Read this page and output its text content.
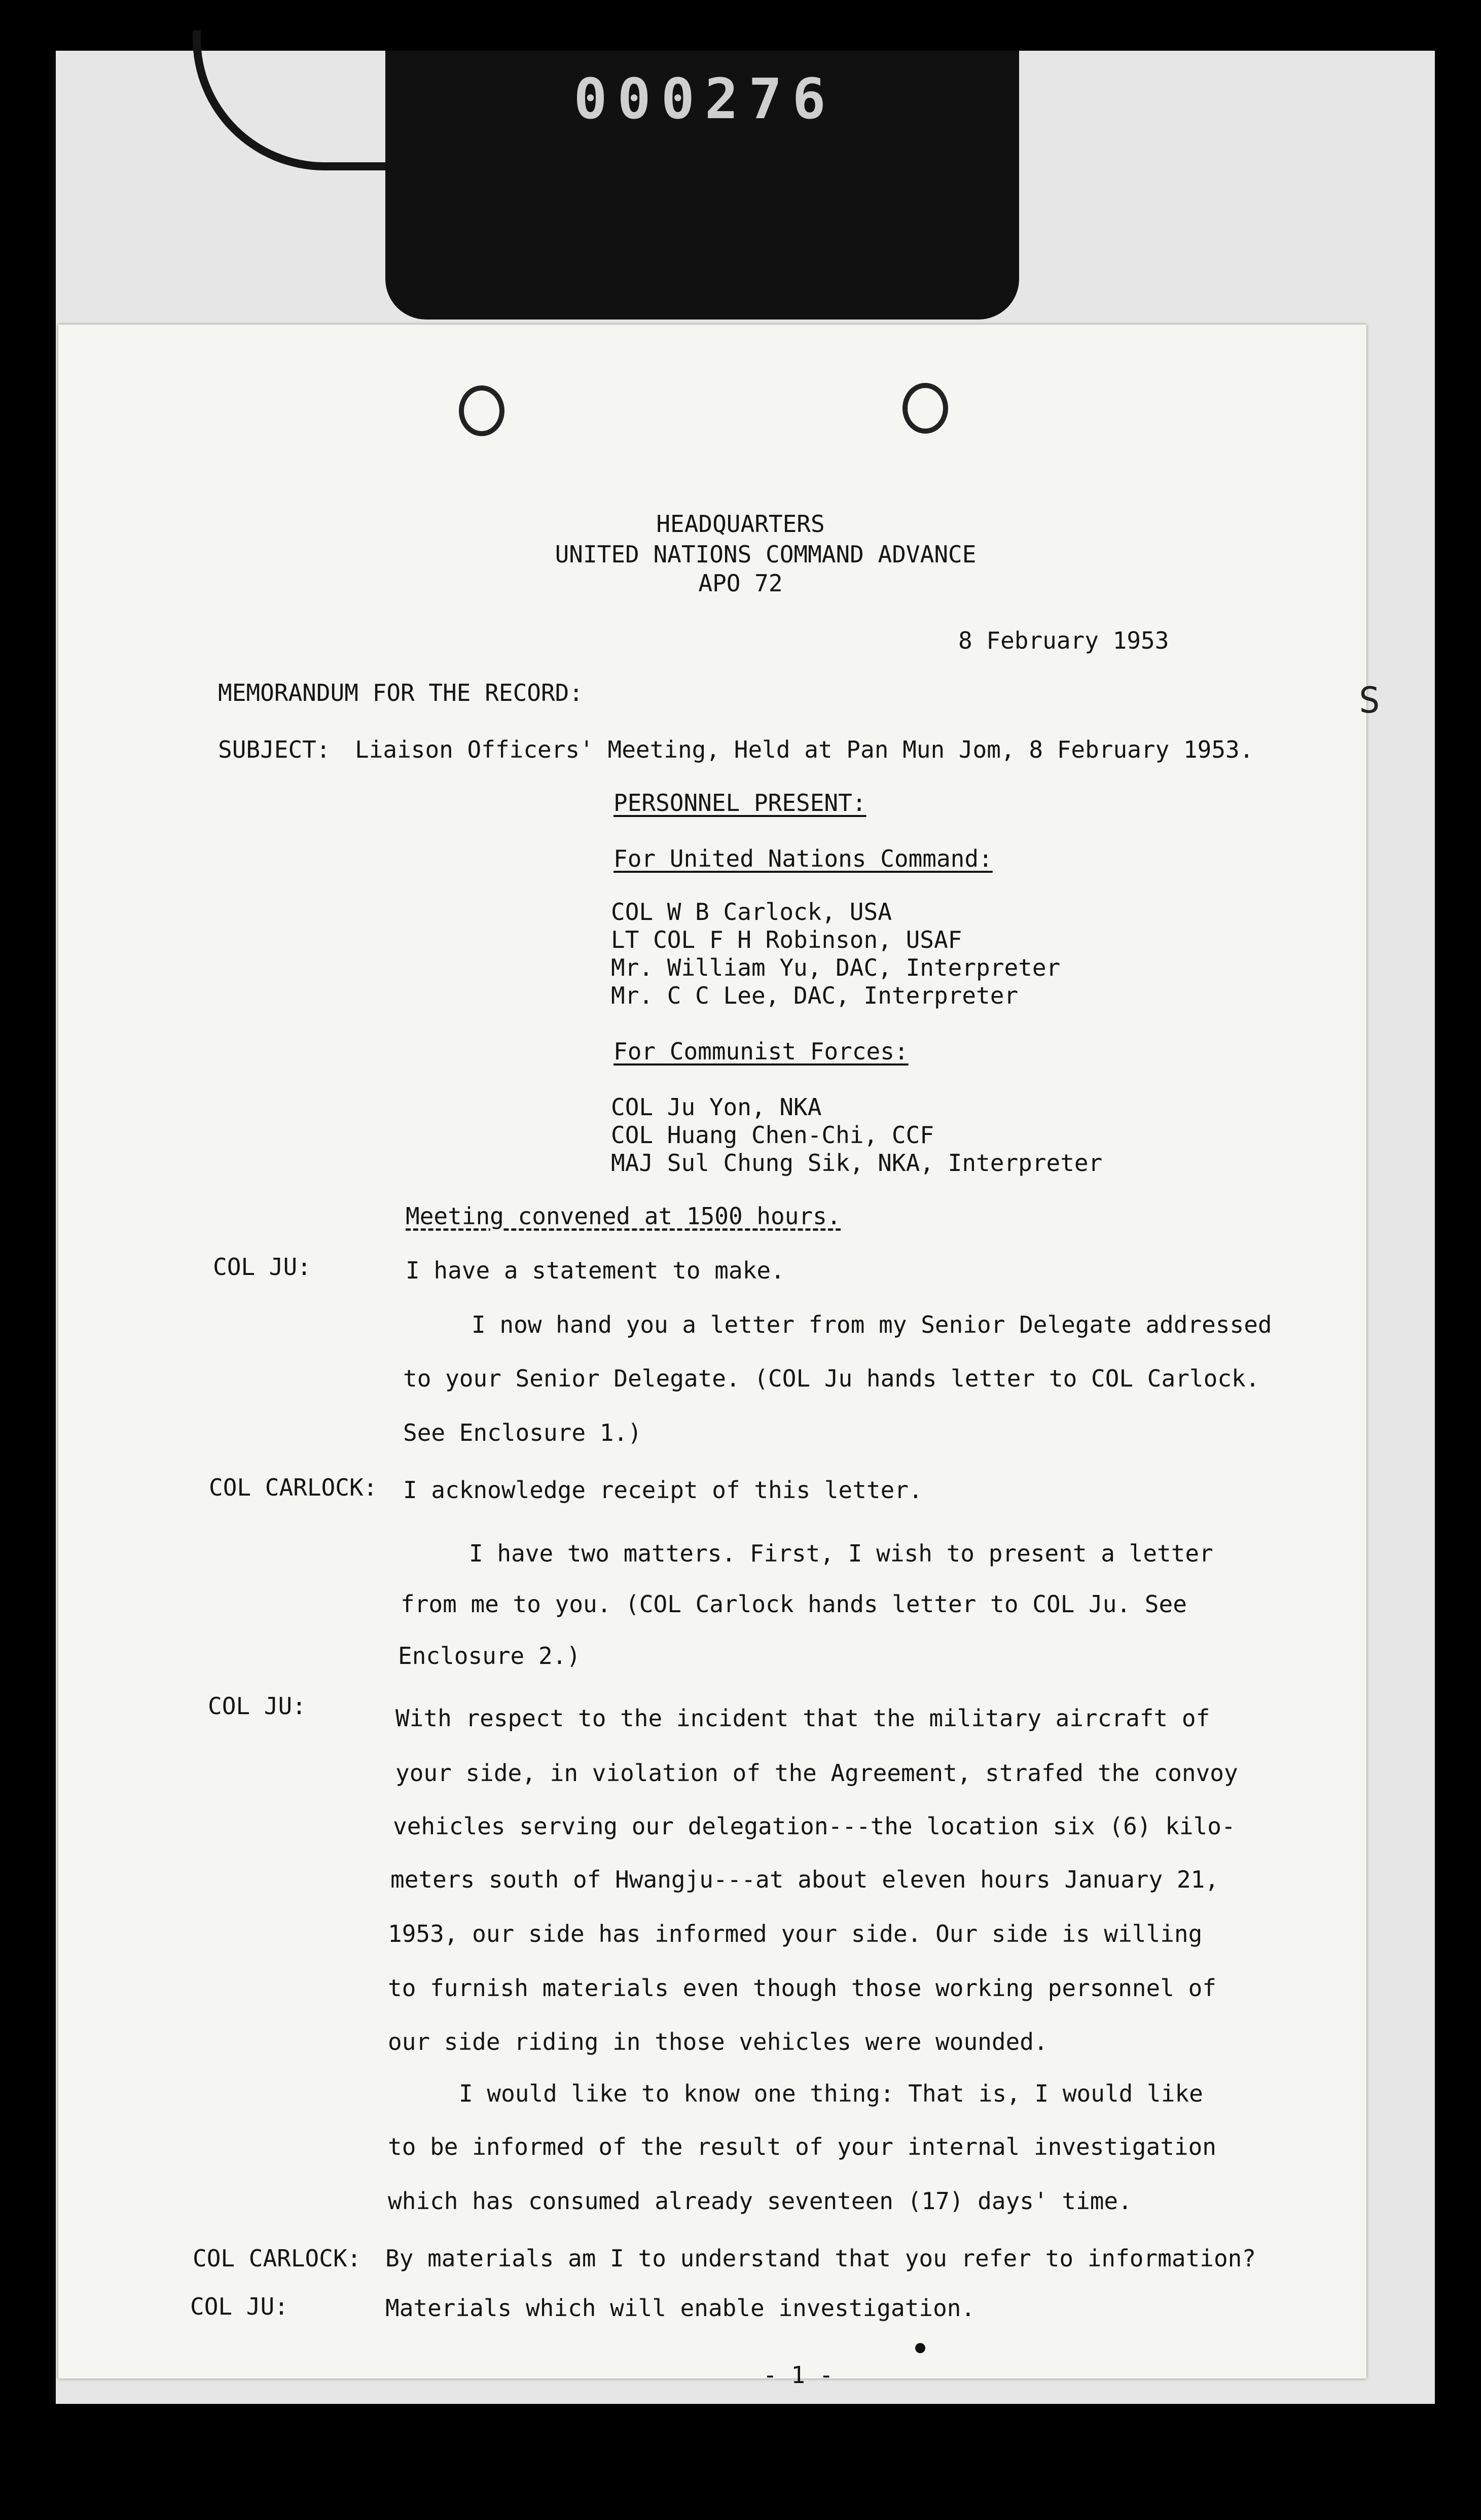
000276
S
HEADQUARTERS
UNITED NATIONS COMMAND ADVANCE
APO 72
8 February 1953
MEMORANDUM FOR THE RECORD:
SUBJECT: Liaison Officers' Meeting, Held at Pan Mun Jom, 8 February 1953.
PERSONNEL PRESENT:
For United Nations Command:
COL W B Carlock, USA
LT COL F H Robinson, USAF
Mr. William Yu, DAC, Interpreter
Mr. C C Lee, DAC, Interpreter
For Communist Forces:
COL Ju Yon, NKA
COL Huang Chen-Chi, CCF
MAJ Sul Chung Sik, NKA, Interpreter
Meeting convened at 1500 hours.
COL JU:	I have a statement to make.
I now hand you a letter from my Senior Delegate addressed
to your Senior Delegate. (COL Ju hands letter to COL Carlock.
See Enclosure 1.)
COL CARLOCK: I acknowledge receipt of this letter.
I have two matters. First, I wish to present a letter
from me to you. (COL Carlock hands letter to COL Ju. See
Enclosure 2.)
COL JU:	With respect to the incident that the military aircraft of
your side, in violation of the Agreement, strafed the convoy
vehicles serving our delegation---the location six (6) kilo-
meters south of Hwangju---at about eleven hours January 21,
1953, our side has informed your side. Our side is willing
to furnish materials even though those working personnel of
our side riding in those vehicles were wounded.
I would like to know one thing: That is, I would like
to be informed of the result of your internal investigation
which has consumed already seventeen (17) days' time.
COL CARLOCK: By materials am I to understand that you refer to information?
COL JU:	Materials which will enable investigation.
- 1 -
